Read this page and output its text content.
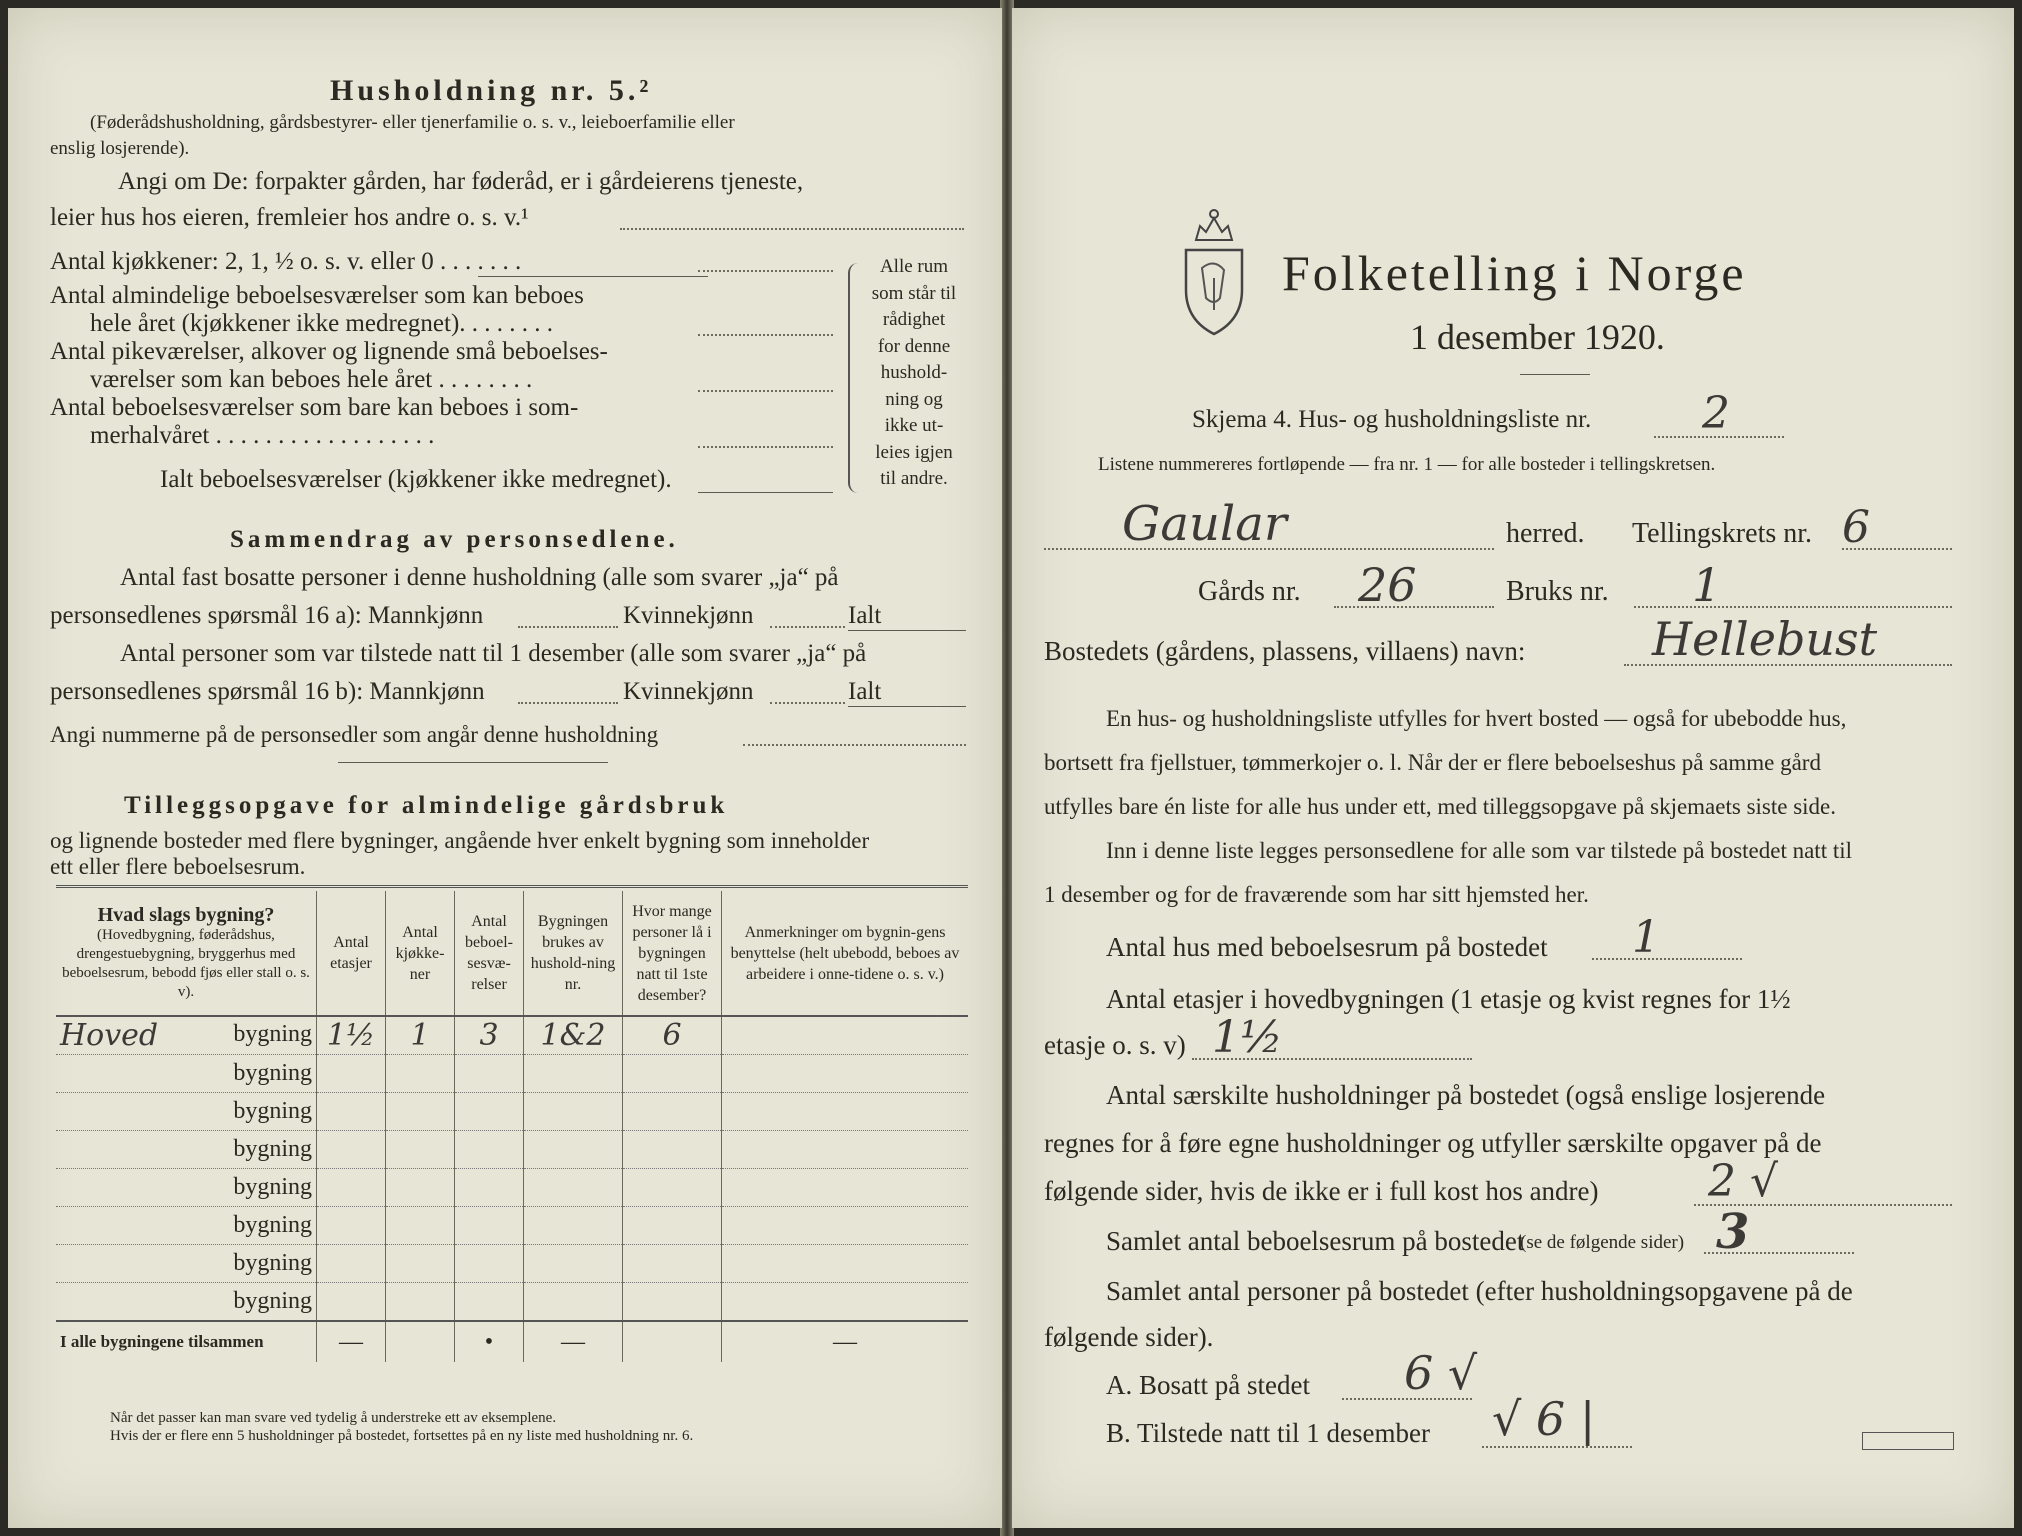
Husholdning nr. 5.²
(Føderådshusholdning, gårdsbestyrer- eller tjenerfamilie o. s. v., leieboerfamilie eller
enslig losjerende).
Angi om De: forpakter gården, har føderåd, er i gårdeierens tjeneste,
leier hus hos eieren, fremleier hos andre o. s. v.¹
Antal kjøkkener: 2, 1, ½ o. s. v. eller 0 . . . . . . .
Antal almindelige beboelsesværelser som kan beboes
hele året (kjøkkener ikke medregnet). . . . . . . .
Antal pikeværelser, alkover og lignende små beboelses-
værelser som kan beboes hele året . . . . . . . .
Antal beboelsesværelser som bare kan beboes i som-
merhalvåret . . . . . . . . . . . . . . . . . .
Ialt beboelsesværelser (kjøkkener ikke medregnet).
Alle rum
som står til
rådighet
for denne
hushold-
ning og
ikke ut-
leies igjen
til andre.
Sammendrag av personsedlene.
Antal fast bosatte personer i denne husholdning (alle som svarer „ja“ på
personsedlenes spørsmål 16 a): Mannkjønn	Kvinnekjønn	Ialt
Antal personer som var tilstede natt til 1 desember (alle som svarer „ja“ på
personsedlenes spørsmål 16 b): Mannkjønn	Kvinnekjønn	Ialt
Angi nummerne på de personsedler som angår denne husholdning
Tilleggsopgave for almindelige gårdsbruk
og lignende bosteder med flere bygninger, angående hver enkelt bygning som inneholder
ett eller flere beboelsesrum.
Hvad slags bygning?
(Hovedbygning, føderådshus, drengestuebygning, bryggerhus med beboelsesrum, bebodd fjøs eller stall o. s. v).	Antal etasjer	Antal kjøkke-ner	Antal beboel-sesvæ-relser	Bygningen brukes av hushold-ning nr.	Hvor mange personer lå i bygningen natt til 1ste desember?	Anmerkninger om bygnin-gens benyttelse (helt ubebodd, beboes av arbeidere i onne-tidene o. s. v.)

Hoved bygning	1½	1	3	1&2	6	

bygning						

bygning						

bygning						

bygning						

bygning						

bygning						

bygning						
I alle bygningene tilsammen	—		•	—		—
Når det passer kan man svare ved tydelig å understreke ett av eksemplene.
Hvis der er flere enn 5 husholdninger på bostedet, fortsettes på en ny liste med husholdning nr. 6.
Folketelling i Norge
1 desember 1920.
Skjema 4. Hus- og husholdningsliste nr.	2
Listene nummereres fortløpende — fra nr. 1 — for alle bosteder i tellingskretsen.
Gaular	herred. Tellingskrets nr. 6
Gårds nr. 26	Bruks nr. 1
Bostedets (gårdens, plassens, villaens) navn:	Hellebust
En hus- og husholdningsliste utfylles for hvert bosted — også for ubebodde hus,
bortsett fra fjellstuer, tømmerkojer o. l. Når der er flere beboelseshus på samme gård
utfylles bare én liste for alle hus under ett, med tilleggsopgave på skjemaets siste side.
Inn i denne liste legges personsedlene for alle som var tilstede på bostedet natt til
1 desember og for de fraværende som har sitt hjemsted her.
Antal hus med beboelsesrum på bostedet 1
Antal etasjer i hovedbygningen (1 etasje og kvist regnes for 1½
etasje o. s. v) 1½
Antal særskilte husholdninger på bostedet (også enslige losjerende
regnes for å føre egne husholdninger og utfyller særskilte opgaver på de
følgende sider, hvis de ikke er i full kost hos andre) 2 √
Samlet antal beboelsesrum på bostedet
(se de følgende sider) 3
Samlet antal personer på bostedet (efter husholdningsopgavene på de
følgende sider).
A. Bosatt på stedet 6 √
B. Tilstede natt til 1 desember √ 6 |
